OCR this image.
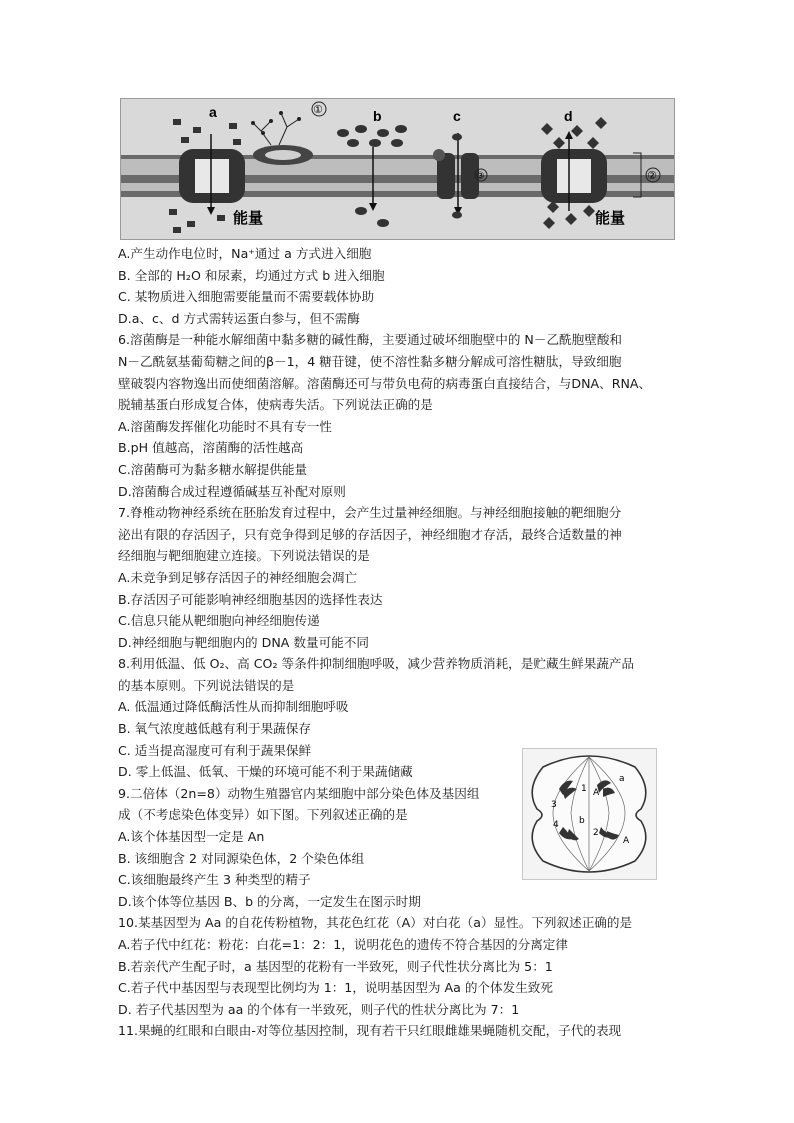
a
能量
①	b	c
③
d
能量
②
A.产生动作电位时，Na⁺通过 a 方式进入细胞
B. 全部的 H₂O 和尿素，均通过方式 b 进入细胞
C. 某物质进入细胞需要能量而不需要载体协助
D.a、c、d 方式需转运蛋白参与，但不需酶
6.溶菌酶是一种能水解细菌中黏多糖的碱性酶，主要通过破坏细胞壁中的 N－乙酰胞壁酸和
N－乙酰氨基葡萄糖之间的β－1，4 糖苷键，使不溶性黏多糖分解成可溶性糖肽，导致细胞
壁破裂内容物逸出而使细菌溶解。溶菌酶还可与带负电荷的病毒蛋白直接结合，与DNA、RNA、
脱辅基蛋白形成复合体，使病毒失活。下列说法正确的是
A.溶菌酶发挥催化功能时不具有专一性
B.pH 值越高，溶菌酶的活性越高
C.溶菌酶可为黏多糖水解提供能量
D.溶菌酶合成过程遵循碱基互补配对原则
7.脊椎动物神经系统在胚胎发育过程中，会产生过量神经细胞。与神经细胞接触的靶细胞分
泌出有限的存活因子，只有竞争得到足够的存活因子，神经细胞才存活，最终合适数量的神
经细胞与靶细胞建立连接。下列说法错误的是
A.未竞争到足够存活因子的神经细胞会凋亡
B.存活因子可能影响神经细胞基因的选择性表达
C.信息只能从靶细胞向神经细胞传递
D.神经细胞与靶细胞内的 DNA 数量可能不同
8.利用低温、低 O₂、高 CO₂ 等条件抑制细胞呼吸，减少营养物质消耗，是贮藏生鲜果蔬产品
的基本原则。下列说法错误的是
A. 低温通过降低酶活性从而抑制细胞呼吸
B. 氧气浓度越低越有利于果蔬保存
C. 适当提高湿度可有利于蔬果保鲜
D. 零上低温、低氧、干燥的环境可能不利于果蔬储藏
9.二倍体（2n=8）动物生殖器官内某细胞中部分染色体及基因组
成（不考虑染色体变异）如下图。下列叙述正确的是
A.该个体基因型一定是 An
B. 该细胞含 2 对同源染色体，2 个染色体组
C.该细胞最终产生 3 种类型的精子
D.该个体等位基因 B、b 的分离，一定发生在图示时期
10.某基因型为 Aa 的自花传粉植物，其花色红花（A）对白花（a）显性。下列叙述正确的是
A.若子代中红花：粉花：白花=1：2：1，说明花色的遗传不符合基因的分离定律
B.若亲代产生配子时，a 基因型的花粉有一半致死，则子代性状分离比为 5：1
C.若子代中基因型与表现型比例均为 1：1，说明基因型为 Aa 的个体发生致死
D. 若子代基因型为 aa 的个体有一半致死，则子代的性状分离比为 7：1
11.果蝇的红眼和白眼由-对等位基因控制，现有若干只红眼雌雄果蝇随机交配，子代的表现
3
1 A
a
4
2
b
A
